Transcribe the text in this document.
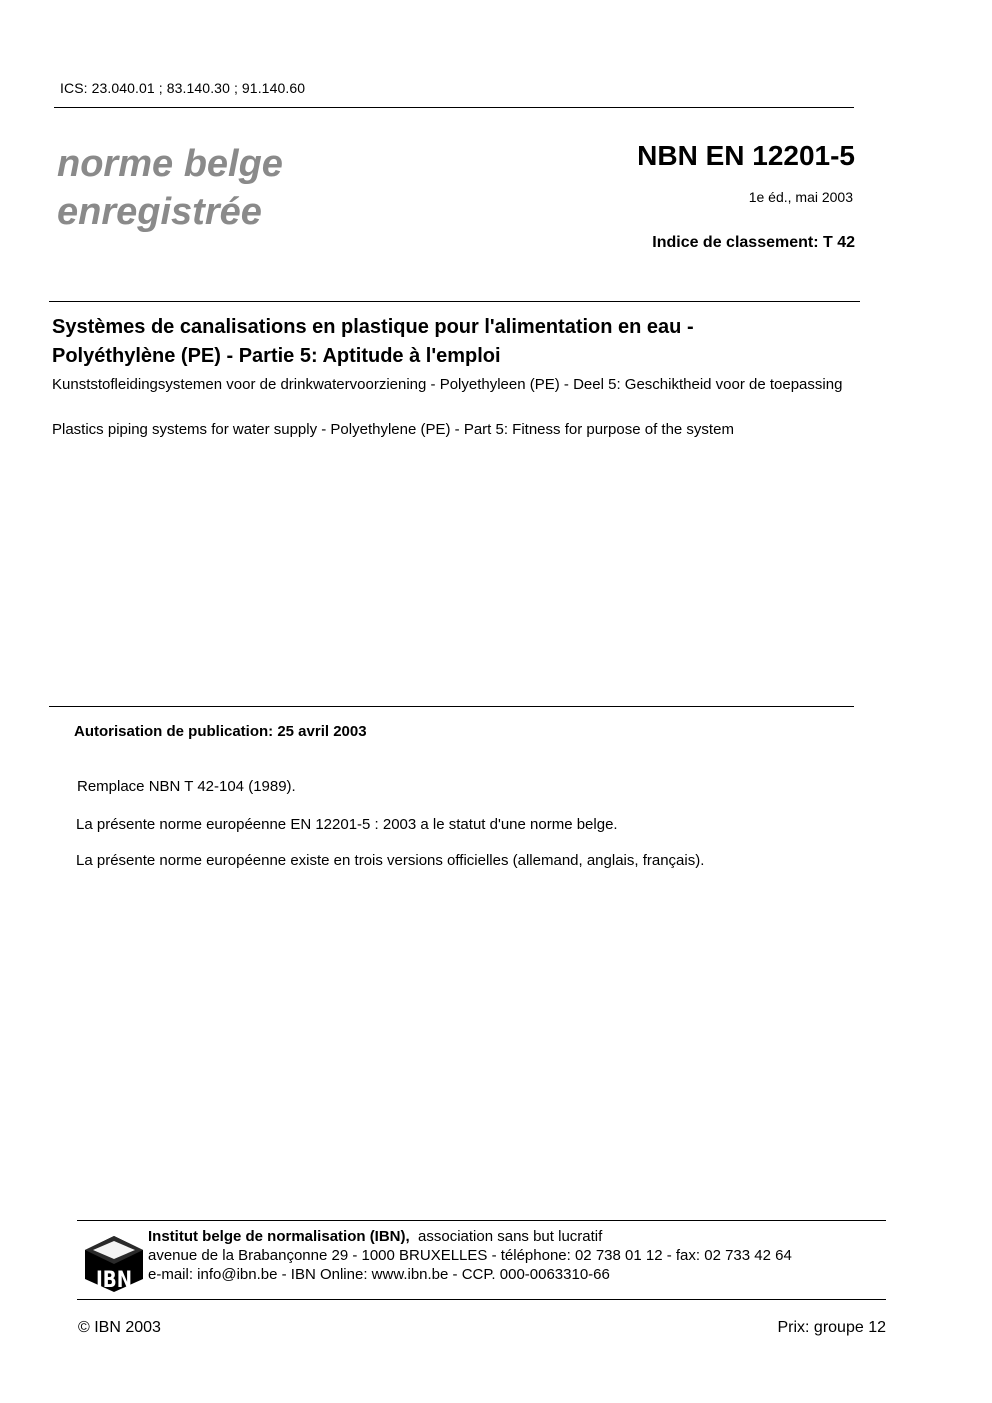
ICS: 23.040.01 ; 83.140.30 ; 91.140.60
norme belge
enregistrée
NBN EN 12201-5
1e éd., mai 2003
Indice de classement: T 42
Systèmes de canalisations en plastique pour l'alimentation en eau -
Polyéthylène (PE) - Partie 5: Aptitude à l'emploi
Kunststofleidingsystemen voor de drinkwatervoorziening - Polyethyleen (PE) - Deel 5: Geschiktheid voor de toepassing
Plastics piping systems for water supply - Polyethylene (PE) - Part 5: Fitness for purpose of the system
Autorisation de publication: 25 avril 2003
Remplace NBN T 42-104 (1989).
La présente norme européenne EN 12201-5 : 2003 a le statut d'une norme belge.
La présente norme européenne existe en trois versions officielles (allemand, anglais, français).
IBN
Institut belge de normalisation (IBN),  association sans but lucratif
avenue de la Brabançonne 29 - 1000 BRUXELLES - téléphone: 02 738 01 12 - fax: 02 733 42 64
e-mail: info@ibn.be - IBN Online: www.ibn.be - CCP. 000-0063310-66
© IBN 2003	Prix: groupe 12
